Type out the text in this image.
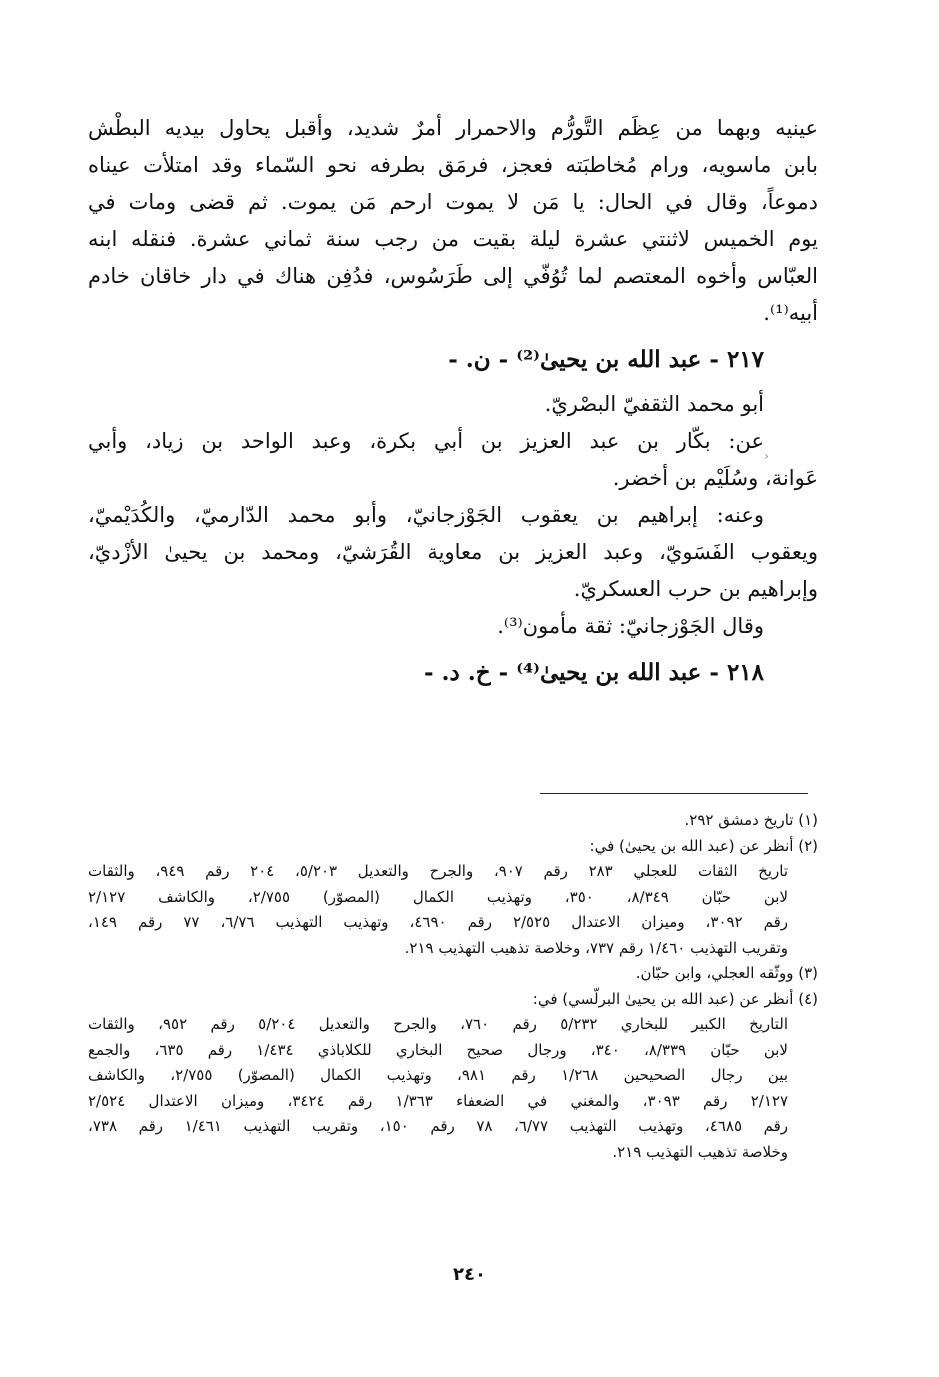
عينيه وبهما من عِظَم التَّورُّم والاحمرار أمرٌ شديد، وأقبل يحاول بيديه البطْش
بابن ماسويه، ورام مُخاطبَته فعجز، فرمَق بطرفه نحو السّماء وقد امتلأت عيناه
دموعاً، وقال في الحال: يا مَن لا يموت ارحم مَن يموت. ثم قضى ومات في
يوم الخميس لاثنتي عشرة ليلة بقيت من رجب سنة ثماني عشرة. فنقله ابنه
العبّاس وأخوه المعتصم لما تُوُفّي إلى طَرَسُوس، فدُفِن هناك في دار خاقان خادم
أبيه⁽¹⁾.
٢١٧ - عبد الله بن يحيىٰ⁽²⁾ - ن. -
أبو محمد الثقفيّ البصْريّ.
عن: بكّار بن عبد العزيز بن أبي بكرة، وعبد الواحد بن زياد، وأبي
عَوانة، وسُلَيْم بن أخضر.
وعنه: إبراهيم بن يعقوب الجَوْزجانيّ، وأبو محمد الدّارميّ، والكُدَيْميّ،
ويعقوب الفَسَويّ، وعبد العزيز بن معاوية القُرَشيّ، ومحمد بن يحيىٰ الأزْديّ،
وإبراهيم بن حرب العسكريّ.
وقال الجَوْزجانيّ: ثقة مأمون⁽³⁾.
٢١٨ - عبد الله بن يحيىٰ⁽⁴⁾ - خ. د. -
›
(١) تاريخ دمشق ٢٩٢.
(٢) أنظر عن (عبد الله بن يحيىٰ) في:
تاريخ الثقات للعجلي ٢٨٣ رقم ٩٠٧، والجرح والتعديل ٥/٢٠٣، ٢٠٤ رقم ٩٤٩، والثقات
لابن حبّان ٨/٣٤٩، ٣٥٠، وتهذيب الكمال (المصوّر) ٢/٧٥٥، والكاشف ٢/١٢٧
رقم ٣٠٩٢، وميزان الاعتدال ٢/٥٢٥ رقم ٤٦٩٠، وتهذيب التهذيب ٦/٧٦، ٧٧ رقم ١٤٩،
وتقريب التهذيب ١/٤٦٠ رقم ٧٣٧، وخلاصة تذهيب التهذيب ٢١٩.
(٣) ووثّقه العجلي، وابن حبّان.
(٤) أنظر عن (عبد الله بن يحيىٰ البرلّسي) في:
التاريخ الكبير للبخاري ٥/٢٣٢ رقم ٧٦٠، والجرح والتعديل ٥/٢٠٤ رقم ٩٥٢، والثقات
لابن حبّان ٨/٣٣٩، ٣٤٠، ورجال صحيح البخاري للكلاباذي ١/٤٣٤ رقم ٦٣٥، والجمع
بين رجال الصحيحين ١/٢٦٨ رقم ٩٨١، وتهذيب الكمال (المصوّر) ٢/٧٥٥، والكاشف
٢/١٢٧ رقم ٣٠٩٣، والمغني في الضعفاء ١/٣٦٣ رقم ٣٤٢٤، وميزان الاعتدال ٢/٥٢٤
رقم ٤٦٨٥، وتهذيب التهذيب ٦/٧٧، ٧٨ رقم ١٥٠، وتقريب التهذيب ١/٤٦١ رقم ٧٣٨،
وخلاصة تذهيب التهذيب ٢١٩.
٢٤٠
